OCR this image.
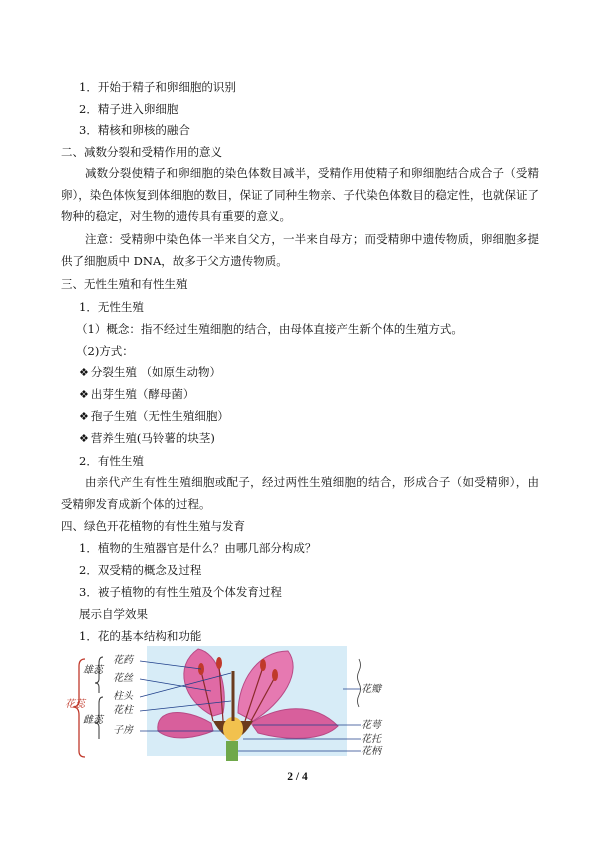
1．开始于精子和卵细胞的识别
2．精子进入卵细胞
3．精核和卵核的融合
二、减数分裂和受精作用的意义
减数分裂使精子和卵细胞的染色体数目减半，受精作用使精子和卵细胞结合成合子（受精卵），染色体恢复到体细胞的数目，保证了同种生物亲、子代染色体数目的稳定性，也就保证了物种的稳定，对生物的遗传具有重要的意义。
注意：受精卵中染色体一半来自父方，一半来自母方；而受精卵中遗传物质，卵细胞多提供了细胞质中 DNA，故多于父方遗传物质。
三、无性生殖和有性生殖
1．无性生殖
（1）概念：指不经过生殖细胞的结合，由母体直接产生新个体的生殖方式。
（2)方式：
❖ 分裂生殖 （如原生动物）
❖ 出芽生殖（酵母菌）
❖ 孢子生殖（无性生殖细胞）
❖ 营养生殖(马铃薯的块茎)
2．有性生殖
由亲代产生有性生殖细胞或配子，经过两性生殖细胞的结合，形成合子（如受精卵），由受精卵发育成新个体的过程。
四、绿色开花植物的有性生殖与发育
1．植物的生殖器官是什么？由哪几部分构成？
2．双受精的概念及过程
3．被子植物的有性生殖及个体发育过程
展示自学效果
1．花的基本结构和功能
花蕊
雄蕊
雌蕊
花药
花丝
柱头
花柱
子房
花瓣
花萼
花托
花柄
2 / 4
